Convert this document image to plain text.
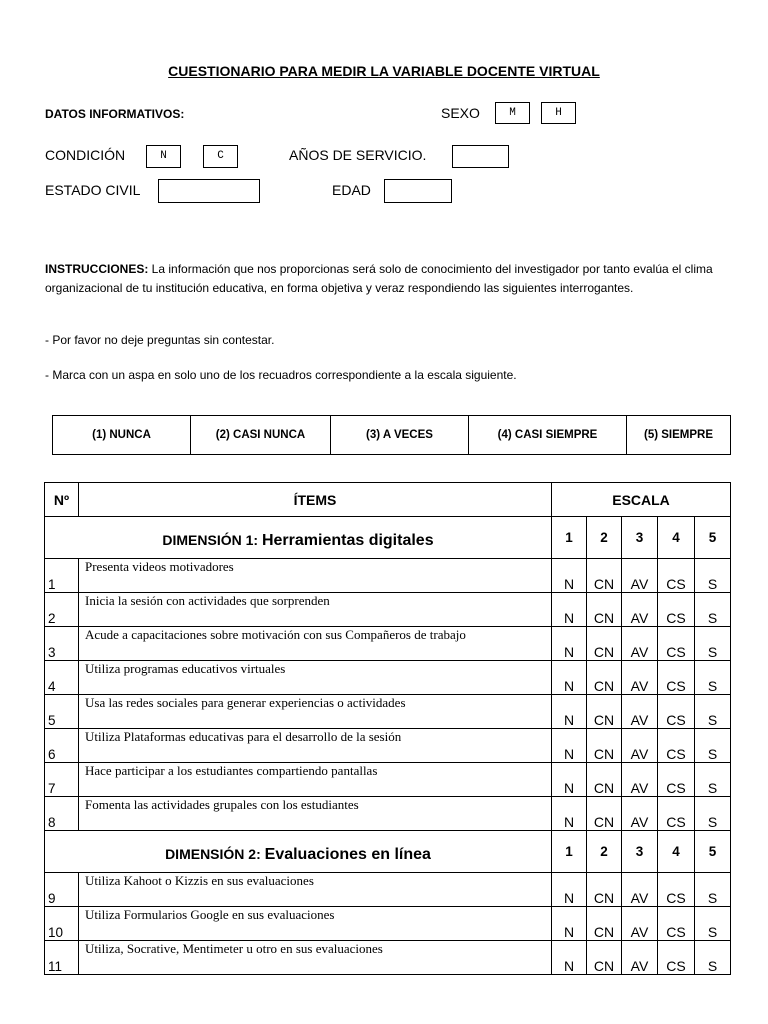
CUESTIONARIO PARA MEDIR LA VARIABLE DOCENTE VIRTUAL
DATOS INFORMATIVOS:	SEXO	M	H
CONDICIÓN	N	C	AÑOS DE SERVICIO.
ESTADO CIVIL	EDAD
INSTRUCCIONES: La información que nos proporcionas será solo de conocimiento del investigador por tanto evalúa el clima organizacional de tu institución educativa, en forma objetiva y veraz respondiendo las siguientes interrogantes.
- Por favor no deje preguntas sin contestar.
- Marca con un aspa en solo uno de los recuadros correspondiente a la escala siguiente.
(1) NUNCA	(2) CASI NUNCA	(3) A VECES	(4) CASI SIEMPRE	(5) SIEMPRE
Nº	ÍTEMS	ESCALA				
DIMENSIÓN 1: Herramientas digitales		1	2	3	4	5
1	Presenta videos motivadores	N	CN	AV	CS	S
2	Inicia la sesión con actividades que sorprenden	N	CN	AV	CS	S
3	Acude a capacitaciones sobre motivación con sus Compañeros de trabajo	N	CN	AV	CS	S
4	Utiliza programas educativos virtuales	N	CN	AV	CS	S
5	Usa las redes sociales para generar experiencias o actividades	N	CN	AV	CS	S
6	Utiliza Plataformas educativas para el desarrollo de la sesión	N	CN	AV	CS	S
7	Hace participar a los estudiantes compartiendo pantallas	N	CN	AV	CS	S
8	Fomenta las actividades grupales con los estudiantes	N	CN	AV	CS	S
DIMENSIÓN 2: Evaluaciones en línea		1	2	3	4	5
9	Utiliza Kahoot o Kizzis en sus evaluaciones	N	CN	AV	CS	S
10	Utiliza Formularios Google en sus evaluaciones	N	CN	AV	CS	S
11	Utiliza, Socrative, Mentimeter u otro en sus evaluaciones	N	CN	AV	CS	S
